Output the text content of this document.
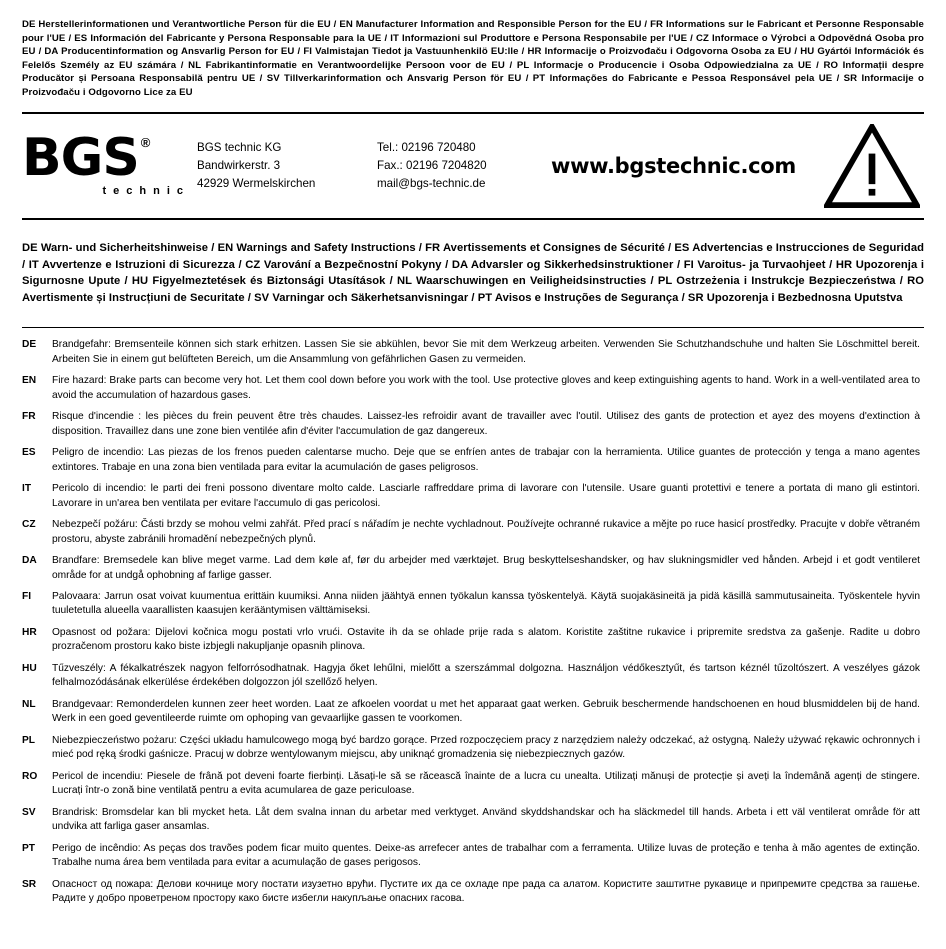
DE Herstellerinformationen und Verantwortliche Person für die EU / EN Manufacturer Information and Responsible Person for the EU / FR Informations sur le Fabricant et Personne Responsable pour l'UE / ES Información del Fabricante y Persona Responsable para la UE / IT Informazioni sul Produttore e Persona Responsabile per l'UE / CZ Informace o Výrobci a Odpovědná Osoba pro EU / DA Producentinformation og Ansvarlig Person for EU / FI Valmistajan Tiedot ja Vastuunhenkilö EU:lle / HR Informacije o Proizvođaču i Odgovorna Osoba za EU / HU Gyártói Információk és Felelős Személy az EU számára / NL Fabrikantinformatie en Verantwoordelijke Persoon voor de EU / PL Informacje o Producencie i Osoba Odpowiedzialna za UE / RO Informații despre Producător și Persoana Responsabilă pentru UE / SV Tillverkarinformation och Ansvarig Person för EU / PT Informações do Fabricante e Pessoa Responsável pela UE / SR Informacije o Proizvođaču i Odgovorno Lice za EU

BGS ®
technic
BGS technic KG
Bandwirkerstr. 3
42929 Wermelskirchen
Tel.: 02196 720480
Fax.: 02196 7204820
mail@bgs-technic.de
www.bgstechnic.com

DE Warn- und Sicherheitshinweise / EN Warnings and Safety Instructions / FR Avertissements et Consignes de Sécurité / ES Advertencias e Instrucciones de Seguridad / IT Avvertenze e Istruzioni di Sicurezza / CZ Varování a Bezpečnostní Pokyny / DA Advarsler og Sikkerhedsinstruktioner / FI Varoitus- ja Turvaohjeet / HR Upozorenja i Sigurnosne Upute / HU Figyelmeztetések és Biztonsági Utasítások / NL Waarschuwingen en Veiligheidsinstructies / PL Ostrzeżenia i Instrukcje Bezpieczeństwa / RO Avertismente și Instrucțiuni de Securitate / SV Varningar och Säkerhetsanvisningar / PT Avisos e Instruções de Segurança / SR Upozorenja i Bezbednosna Uputstva

DE	Brandgefahr: Bremsenteile können sich stark erhitzen. Lassen Sie sie abkühlen, bevor Sie mit dem Werkzeug arbeiten. Verwenden Sie Schutzhandschuhe und halten Sie Löschmittel bereit. Arbeiten Sie in einem gut belüfteten Bereich, um die Ansammlung von gefährlichen Gasen zu vermeiden.
EN	Fire hazard: Brake parts can become very hot. Let them cool down before you work with the tool. Use protective gloves and keep extinguishing agents to hand. Work in a well-ventilated area to avoid the accumulation of hazardous gases.
FR	Risque d'incendie : les pièces du frein peuvent être très chaudes. Laissez-les refroidir avant de travailler avec l'outil. Utilisez des gants de protection et ayez des moyens d'extinction à disposition. Travaillez dans une zone bien ventilée afin d'éviter l'accumulation de gaz dangereux.
ES	Peligro de incendio: Las piezas de los frenos pueden calentarse mucho. Deje que se enfríen antes de trabajar con la herramienta. Utilice guantes de protección y tenga a mano agentes extintores. Trabaje en una zona bien ventilada para evitar la acumulación de gases peligrosos.
IT	Pericolo di incendio: le parti dei freni possono diventare molto calde. Lasciarle raffreddare prima di lavorare con l'utensile. Usare guanti protettivi e tenere a portata di mano gli estintori. Lavorare in un'area ben ventilata per evitare l'accumulo di gas pericolosi.
CZ	Nebezpečí požáru: Části brzdy se mohou velmi zahřát. Před prací s nářadím je nechte vychladnout. Používejte ochranné rukavice a mějte po ruce hasicí prostředky. Pracujte v dobře větraném prostoru, abyste zabránili hromadění nebezpečných plynů.
DA	Brandfare: Bremsedele kan blive meget varme. Lad dem køle af, før du arbejder med værktøjet. Brug beskyttelseshandsker, og hav slukningsmidler ved hånden. Arbejd i et godt ventileret område for at undgå ophobning af farlige gasser.
FI	Palovaara: Jarrun osat voivat kuumentua erittäin kuumiksi. Anna niiden jäähtyä ennen työkalun kanssa työskentelyä. Käytä suojakäsineitä ja pidä käsillä sammutusaineita. Työskentele hyvin tuuletetulla alueella vaarallisten kaasujen kerääntymisen välttämiseksi.
HR	Opasnost od požara: Dijelovi kočnica mogu postati vrlo vrući. Ostavite ih da se ohlade prije rada s alatom. Koristite zaštitne rukavice i pripremite sredstva za gašenje. Radite u dobro prozračenom prostoru kako biste izbjegli nakupljanje opasnih plinova.
HU	Tűzveszély: A fékalkatrészek nagyon felforrósodhatnak. Hagyja őket lehűlni, mielőtt a szerszámmal dolgozna. Használjon védőkesztyűt, és tartson kéznél tűzoltószert. A veszélyes gázok felhalmozódásának elkerülése érdekében dolgozzon jól szellőző helyen.
NL	Brandgevaar: Remonderdelen kunnen zeer heet worden. Laat ze afkoelen voordat u met het apparaat gaat werken. Gebruik beschermende handschoenen en houd blusmiddelen bij de hand. Werk in een goed geventileerde ruimte om ophoping van gevaarlijke gassen te voorkomen.
PL	Niebezpieczeństwo pożaru: Części układu hamulcowego mogą być bardzo gorące. Przed rozpoczęciem pracy z narzędziem należy odczekać, aż ostygną. Należy używać rękawic ochronnych i mieć pod ręką środki gaśnicze. Pracuj w dobrze wentylowanym miejscu, aby uniknąć gromadzenia się niebezpiecznych gazów.
RO	Pericol de incendiu: Piesele de frână pot deveni foarte fierbinți. Lăsați-le să se răcească înainte de a lucra cu unealta. Utilizați mănuși de protecție și aveți la îndemână agenți de stingere. Lucrați într-o zonă bine ventilată pentru a evita acumularea de gaze periculoase.
SV	Brandrisk: Bromsdelar kan bli mycket heta. Låt dem svalna innan du arbetar med verktyget. Använd skyddshandskar och ha släckmedel till hands. Arbeta i ett väl ventilerat område för att undvika att farliga gaser ansamlas.
PT	Perigo de incêndio: As peças dos travões podem ficar muito quentes. Deixe-as arrefecer antes de trabalhar com a ferramenta. Utilize luvas de proteção e tenha à mão agentes de extinção. Trabalhe numa área bem ventilada para evitar a acumulação de gases perigosos.
SR	Опасност од пожара: Делови кочнице могу постати изузетно врући. Пустите их да се охладе пре рада са алатом. Користите заштитне рукавице и припремите средства за гашење. Радите у добро проветреном простору како бисте избегли накупљање опасних гасова.
